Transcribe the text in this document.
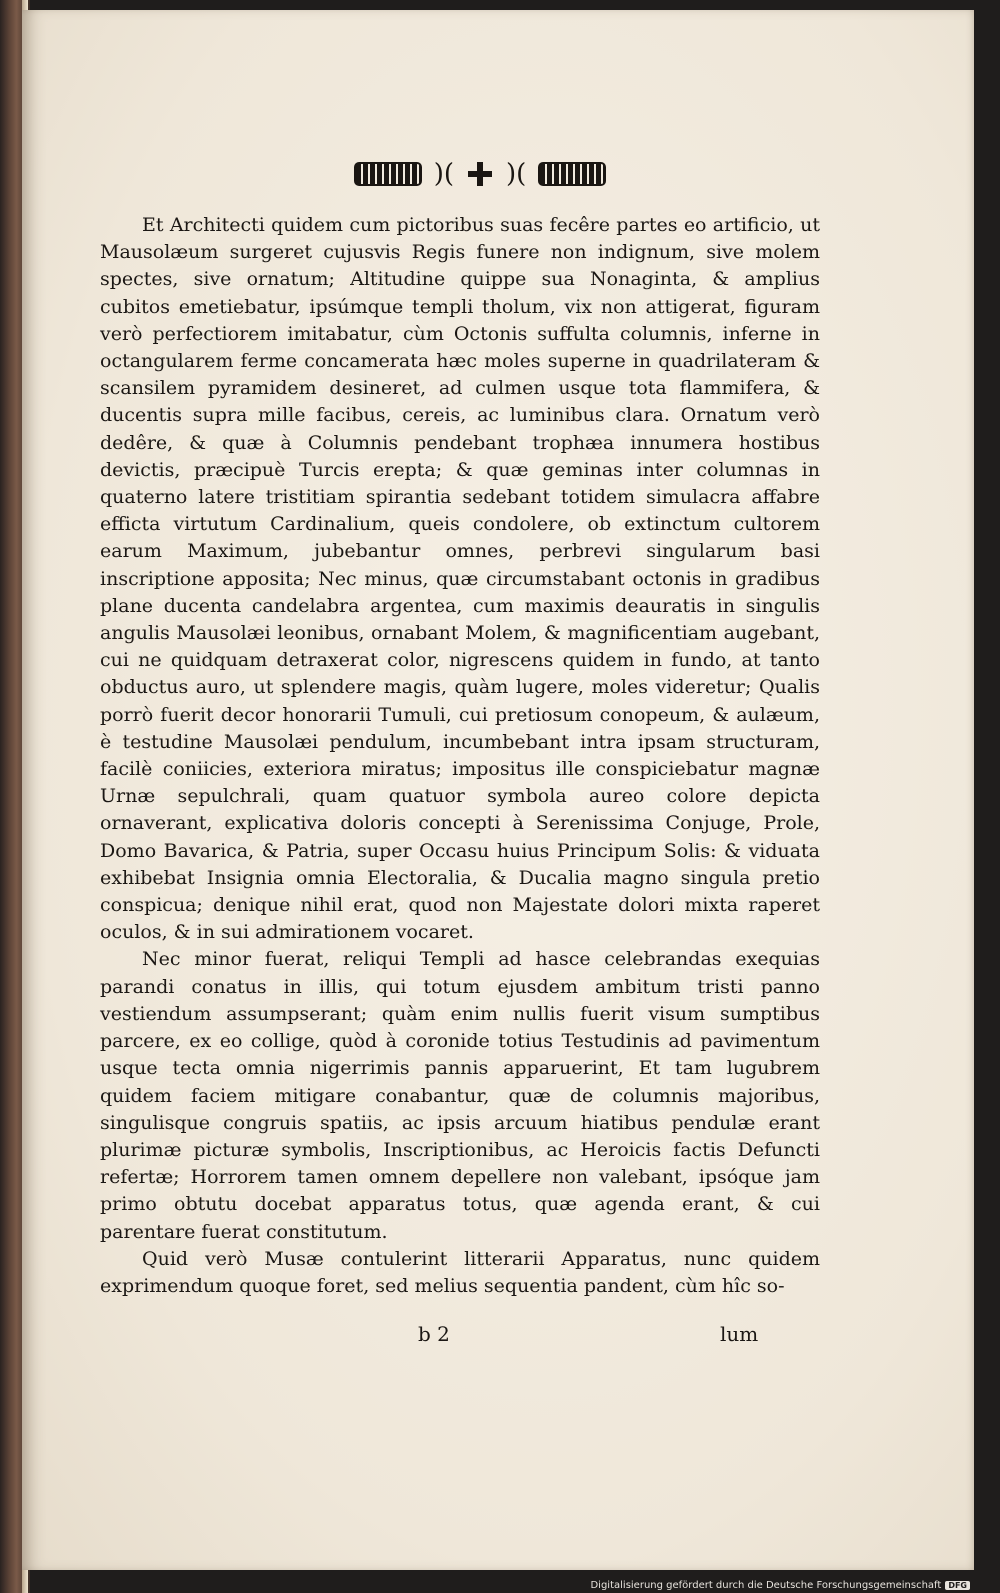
)( )(

Et Architecti quidem cum pictoribus suas fecêre partes eo artificio, ut Mausolæum surgeret cujusvis Regis funere non indignum, sive molem spectes, sive ornatum; Altitudine quippe sua Nonaginta, & amplius cubitos emetiebatur, ipsúmque templi tholum, vix non attigerat, figuram verò perfectiorem imitabatur, cùm Octonis suffulta columnis, inferne in octangularem ferme concamerata hæc moles superne in quadrilateram & scansilem pyramidem desineret, ad culmen usque tota flammifera, & ducentis supra mille facibus, cereis, ac luminibus clara. Ornatum verò dedêre, & quæ à Columnis pendebant trophæa innumera hostibus devictis, præcipuè Turcis erepta; & quæ geminas inter columnas in quaterno latere tristitiam spirantia sedebant totidem simulacra affabre efficta virtutum Cardinalium, queis condolere, ob extinctum cultorem earum Maximum, jubebantur omnes, perbrevi singularum basi inscriptione apposita; Nec minus, quæ circumstabant octonis in gradibus plane ducenta candelabra argentea, cum maximis deauratis in singulis angulis Mausolæi leonibus, ornabant Molem, & magnificentiam augebant, cui ne quidquam detraxerat color, nigrescens quidem in fundo, at tanto obductus auro, ut splendere magis, quàm lugere, moles videretur; Qualis porrò fuerit decor honorarii Tumuli, cui pretiosum conopeum, & aulæum, è testudine Mausolæi pendulum, incumbebant intra ipsam structuram, facilè coniicies, exteriora miratus; impositus ille conspiciebatur magnæ Urnæ sepulchrali, quam quatuor symbola aureo colore depicta ornaverant, explicativa doloris concepti à Serenissima Conjuge, Prole, Domo Bavarica, & Patria, super Occasu huius Principum Solis: & viduata exhibebat Insignia omnia Electoralia, & Ducalia magno singula pretio conspicua; denique nihil erat, quod non Majestate dolori mixta raperet oculos, & in sui admirationem vocaret.

Nec minor fuerat, reliqui Templi ad hasce celebrandas exequias parandi conatus in illis, qui totum ejusdem ambitum tristi panno vestiendum assumpserant; quàm enim nullis fuerit visum sumptibus parcere, ex eo collige, quòd à coronide totius Testudinis ad pavimentum usque tecta omnia nigerrimis pannis apparuerint, Et tam lugubrem quidem faciem mitigare conabantur, quæ de columnis majoribus, singulisque congruis spatiis, ac ipsis arcuum hiatibus pendulæ erant plurimæ picturæ symbolis, Inscriptionibus, ac Heroicis factis Defuncti refertæ; Horrorem tamen omnem depellere non valebant, ipsóque jam primo obtutu docebat apparatus totus, quæ agenda erant, & cui parentare fuerat constitutum.

Quid verò Musæ contulerint litterarii Apparatus, nunc quidem exprimendum quoque foret, sed melius sequentia pandent, cùm hîc so-

b 2	lum
Digitalisierung gefördert durch die Deutsche Forschungsgemeinschaft DFG
